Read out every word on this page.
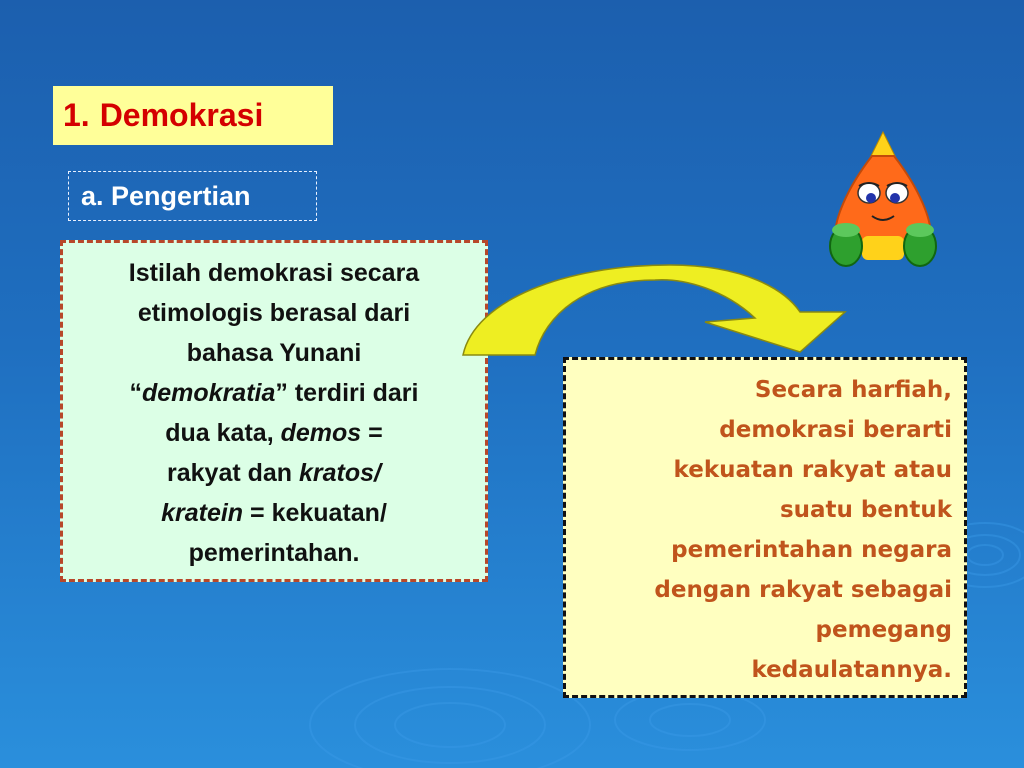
1. Demokrasi
a. Pengertian
Istilah demokrasi secara
etimologis berasal dari
bahasa Yunani
“demokratia” terdiri dari
dua kata, demos =
rakyat dan kratos/
kratein = kekuatan/
pemerintahan.
Secara harfiah,
demokrasi berarti
kekuatan rakyat atau
suatu bentuk
pemerintahan negara
dengan rakyat sebagai
pemegang
kedaulatannya.
